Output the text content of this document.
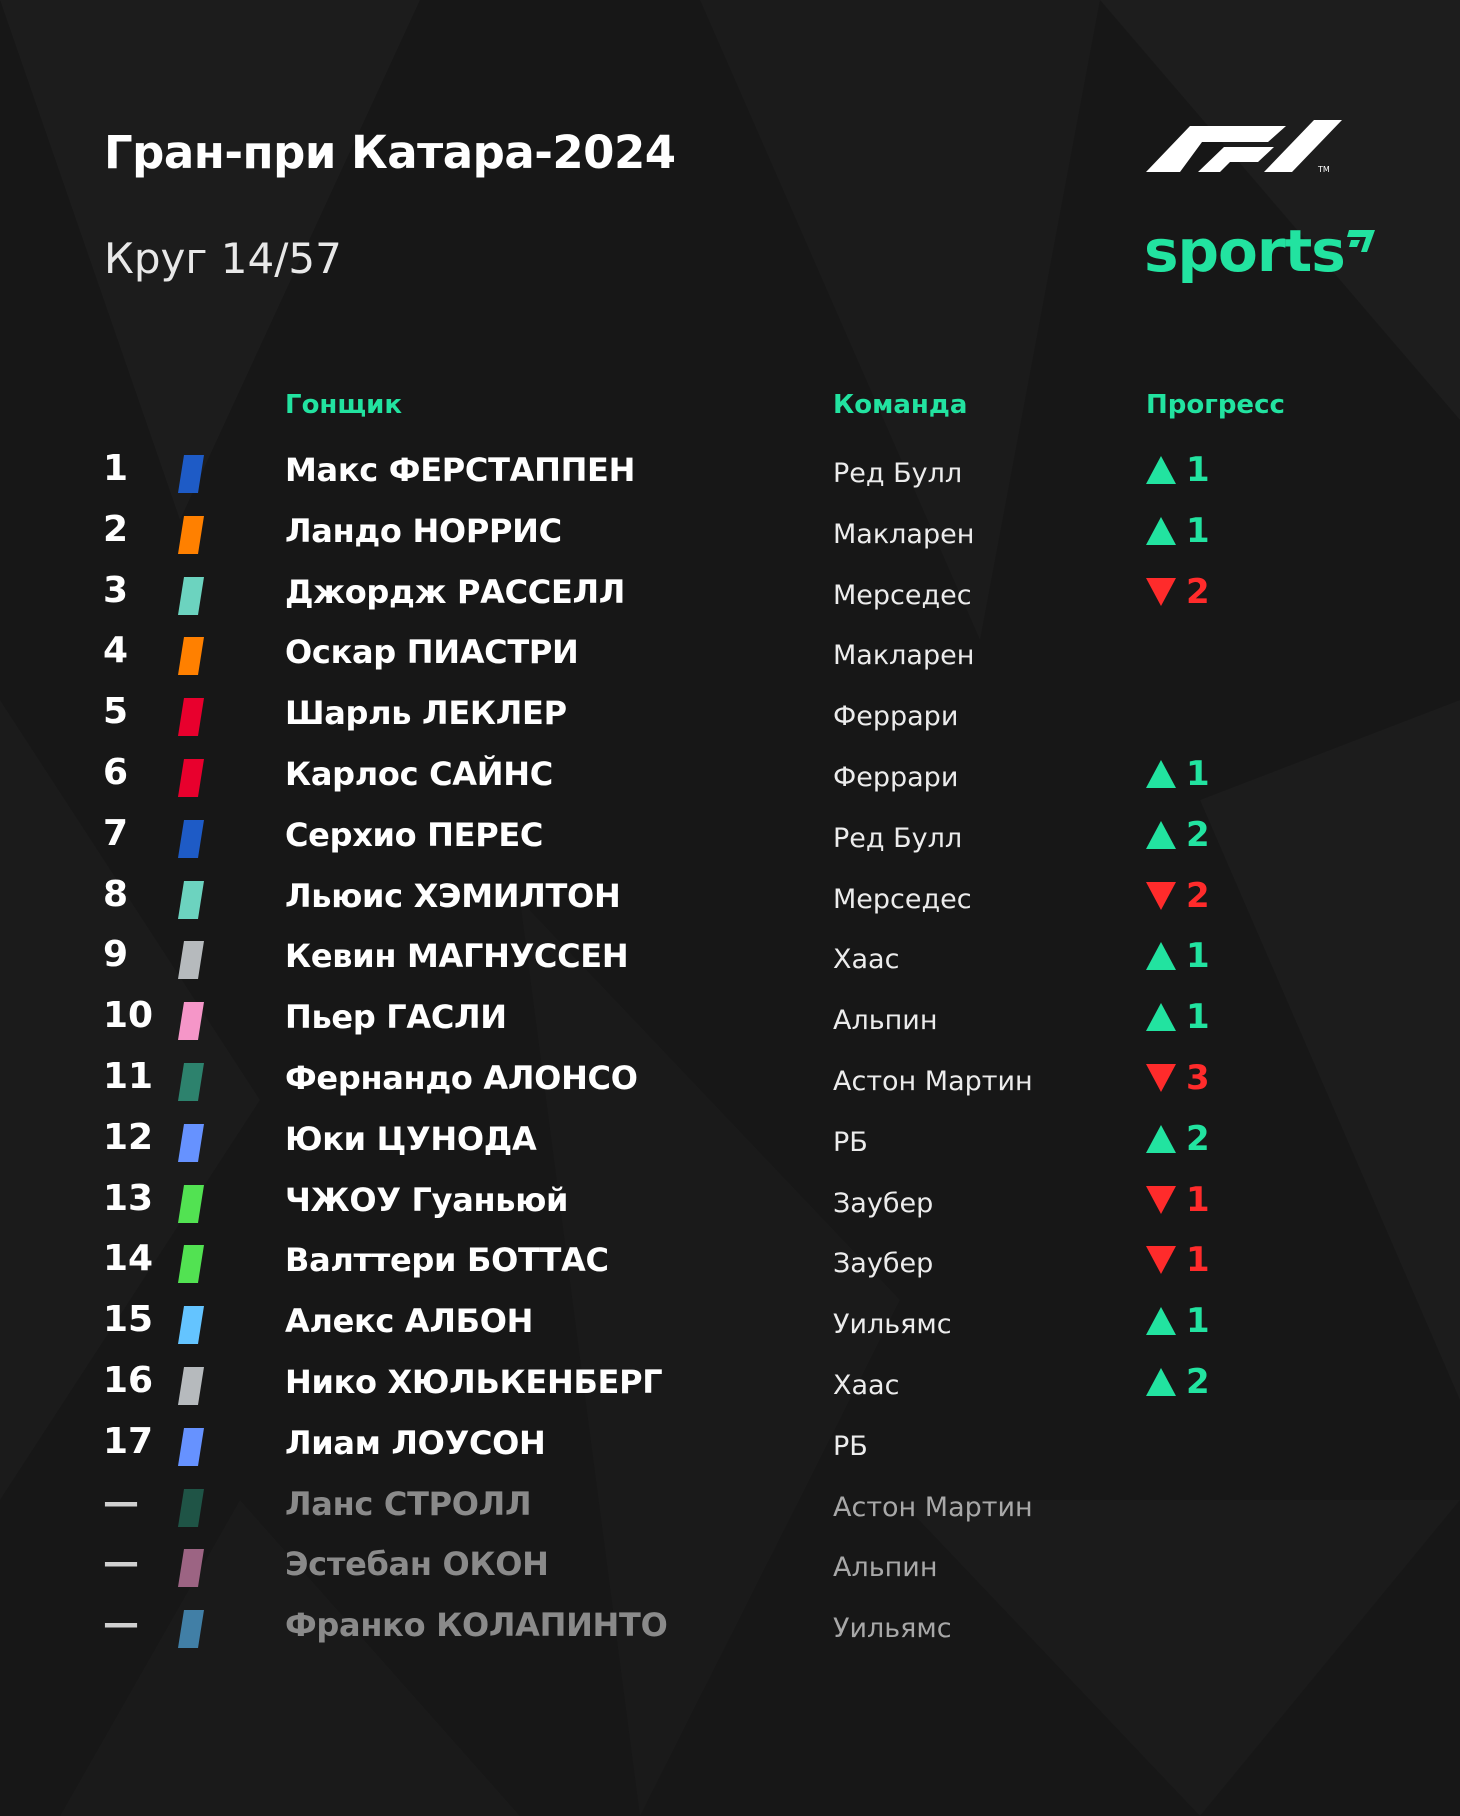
Гран-при Катара-2024
Круг 14/57
TM
sports
Гонщик	Команда	Прогресс
1	Макс ФЕРСТАППЕН	Ред Булл	1
2	Ландо НОРРИС	Макларен	1
3	Джордж РАССЕЛЛ	Мерседес	2
4	Оскар ПИАСТРИ	Макларен
5	Шарль ЛЕКЛЕР	Феррари
6	Карлос САЙНС	Феррари	1
7	Серхио ПЕРЕС	Ред Булл	2
8	Льюис ХЭМИЛТОН	Мерседес	2
9	Кевин МАГНУССЕН	Хаас	1
10	Пьер ГАСЛИ	Альпин	1
11	Фернандо АЛОНСО	Астон Мартин	3
12	Юки ЦУНОДА	РБ	2
13	ЧЖОУ Гуаньюй	Заубер	1
14	Валттери БОТТАС	Заубер	1
15	Алекс АЛБОН	Уильямс	1
16	Нико ХЮЛЬКЕНБЕРГ	Хаас	2
17	Лиам ЛОУСОН	РБ
—	Ланс СТРОЛЛ	Астон Мартин
—	Эстебан ОКОН	Альпин
—	Франко КОЛАПИНТО	Уильямс
